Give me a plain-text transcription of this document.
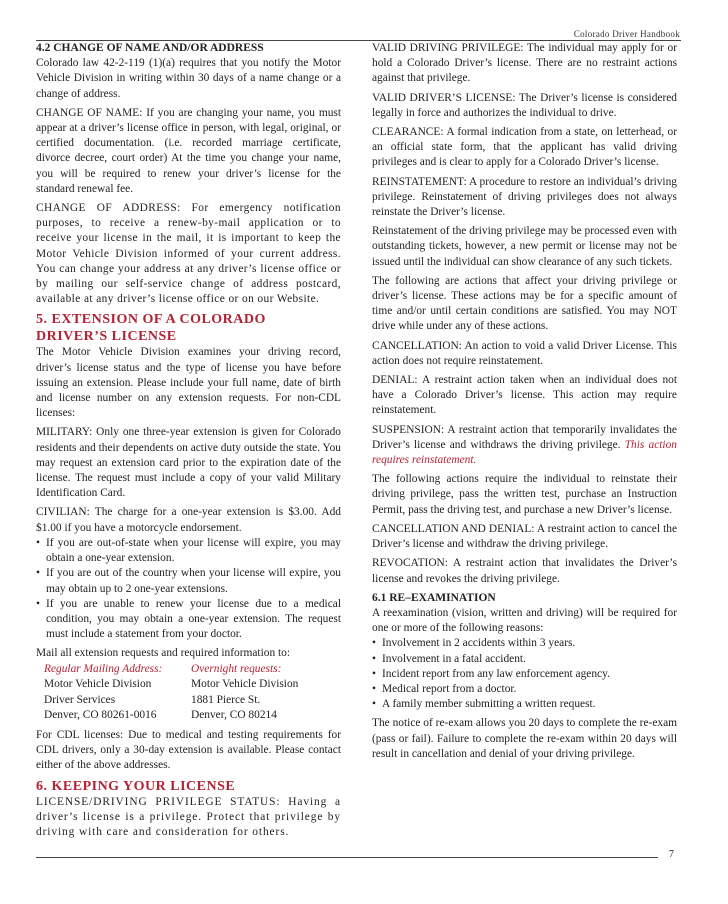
Colorado Driver Handbook
4.2 CHANGE OF NAME AND/OR ADDRESS

Colorado law 42-2-119 (1)(a) requires that you notify the Motor Vehicle Division in writing within 30 days of a name change or a change of address.

CHANGE OF NAME: If you are changing your name, you must appear at a driver’s license office in person, with legal, original, or certified documentation. (i.e. recorded marriage certificate, divorce decree, court order) At the time you change your name, you will be required to renew your driver’s license for the standard renewal fee.

CHANGE OF ADDRESS: For emergency notification purposes, to receive a renew-by-mail application or to receive your license in the mail, it is important to keep the Motor Vehicle Division informed of your current address. You can change your address at any driver’s license office or by mailing our self-service change of address postcard, available at any driver’s license office or on our Website.

5. EXTENSION OF A COLORADO
DRIVER’S LICENSE

The Motor Vehicle Division examines your driving record, driver’s license status and the type of license you have before issuing an extension. Please include your full name, date of birth and license number on any extension requests. For non-CDL licenses:

MILITARY: Only one three-year extension is given for Colorado residents and their dependents on active duty outside the state. You may request an extension card prior to the expiration date of the license. The request must include a copy of your valid Military Identification Card.

CIVILIAN: The charge for a one-year extension is $3.00. Add $1.00 if you have a motorcycle endorsement.

• If you are out-of-state when your license will expire, you may obtain a one-year extension.
• If you are out of the country when your license will expire, you may obtain up to 2 one-year extensions.
• If you are unable to renew your license due to a medical condition, you may obtain a one-year extension. The request must include a statement from your doctor.

Mail all extension requests and required information to:

Regular Mailing Address:
Motor Vehicle Division
Driver Services
Denver, CO 80261-0016
Overnight requests:
Motor Vehicle Division
1881 Pierce St.
Denver, CO 80214

For CDL licenses: Due to medical and testing requirements for CDL drivers, only a 30-day extension is available. Please contact either of the above addresses.

6. KEEPING YOUR LICENSE

LICENSE/DRIVING PRIVILEGE STATUS: Having a driver’s license is a privilege. Protect that privilege by driving with care and consideration for others.

VALID DRIVING PRIVILEGE: The individual may apply for or hold a Colorado Driver’s license. There are no restraint actions against that privilege.

VALID DRIVER’S LICENSE: The Driver’s license is considered legally in force and authorizes the individual to drive.

CLEARANCE: A formal indication from a state, on letterhead, or an official state form, that the applicant has valid driving privileges and is clear to apply for a Colorado Driver’s license.

REINSTATEMENT: A procedure to restore an individual’s driving privilege. Reinstatement of driving privileges does not always reinstate the Driver’s license.

Reinstatement of the driving privilege may be processed even with outstanding tickets, however, a new permit or license may not be issued until the individual can show clearance of any such tickets.

The following are actions that affect your driving privilege or driver’s license. These actions may be for a specific amount of time and/or until certain conditions are satisfied. You may NOT drive while under any of these actions.

CANCELLATION: An action to void a valid Driver License. This action does not require reinstatement.

DENIAL: A restraint action taken when an individual does not have a Colorado Driver’s license. This action may require reinstatement.

SUSPENSION: A restraint action that temporarily invalidates the Driver’s license and withdraws the driving privilege. This action requires reinstatement.

The following actions require the individual to reinstate their driving privilege, pass the written test, purchase an Instruction Permit, pass the driving test, and purchase a new Driver’s license.

CANCELLATION AND DENIAL: A restraint action to cancel the Driver’s license and withdraw the driving privilege.

REVOCATION: A restraint action that invalidates the Driver’s license and revokes the driving privilege.

6.1 RE–EXAMINATION

A reexamination (vision, written and driving) will be required for one or more of the following reasons:

• Involvement in 2 accidents within 3 years.
• Involvement in a fatal accident.
• Incident report from any law enforcement agency.
• Medical report from a doctor.
• A family member submitting a written request.

The notice of re-exam allows you 20 days to complete the re-exam (pass or fail). Failure to complete the re-exam within 20 days will result in cancellation and denial of your driving privilege.

7
